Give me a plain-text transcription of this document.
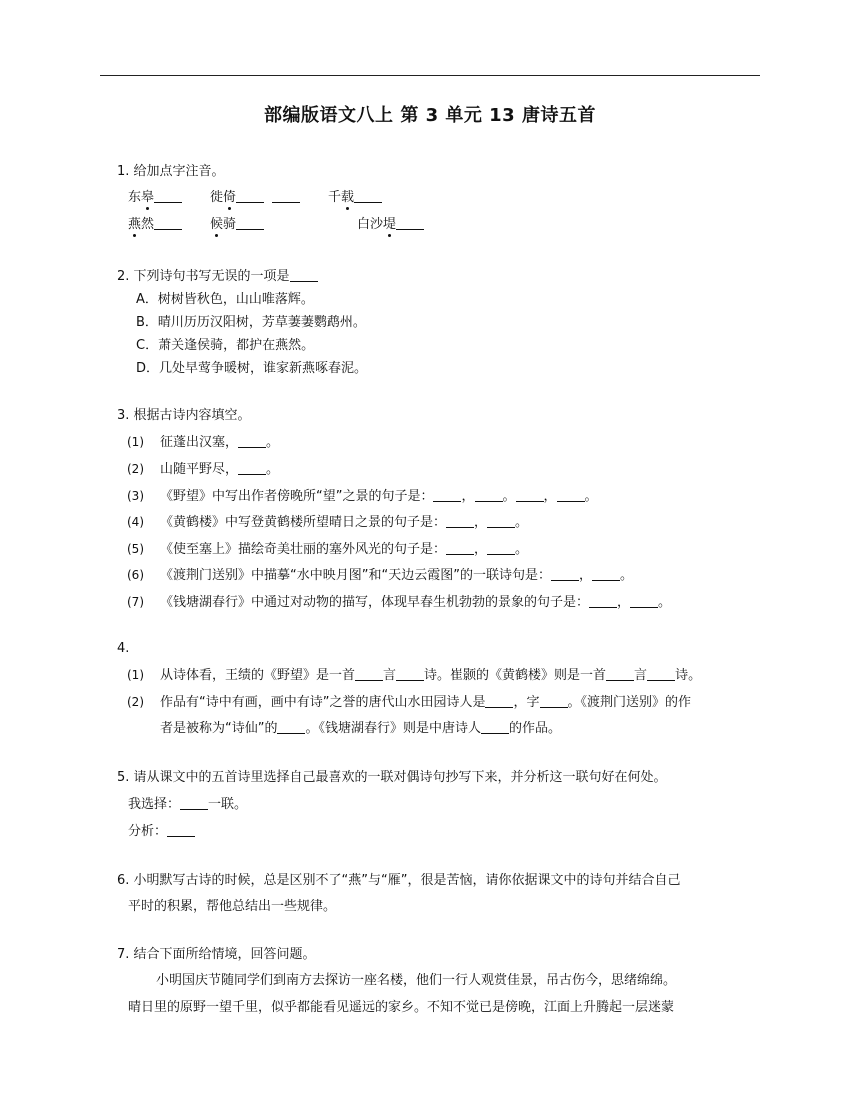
部编版语文八上 第 3 单元 13 唐诗五首
1. 给加点字注音。
东皋	徙倚	千载
燕然	候骑	白沙堤
2. 下列诗句书写无误的一项是
A．树树皆秋色，山山唯落辉。
B．晴川历历汉阳树，芳草萋萋鹦鹉州。
C．萧关逢侯骑，都护在燕然。
D．几处早莺争暖树，谁家新燕啄春泥。
3. 根据古诗内容填空。
(1) 征蓬出汉塞， 。
(2) 山随平野尽， 。
(3) 《野望》中写出作者傍晚所“望”之景的句子是： ， 。 ， 。
(4) 《黄鹤楼》中写登黄鹤楼所望晴日之景的句子是： ， 。
(5) 《使至塞上》描绘奇美壮丽的塞外风光的句子是： ， 。
(6) 《渡荆门送别》中描摹“水中映月图”和“天边云霞图”的一联诗句是： ， 。
(7) 《钱塘湖春行》中通过对动物的描写，体现早春生机勃勃的景象的句子是： ， 。
4.
(1) 从诗体看，王绩的《野望》是一首 言 诗。崔颢的《黄鹤楼》则是一首 言 诗。
(2) 作品有“诗中有画，画中有诗”之誉的唐代山水田园诗人是 ，字 。《渡荆门送别》的作
者是被称为“诗仙”的 。《钱塘湖春行》则是中唐诗人 的作品。
5. 请从课文中的五首诗里选择自己最喜欢的一联对偶诗句抄写下来，并分析这一联句好在何处。
我选择： 一联。
分析：
6. 小明默写古诗的时候，总是区别不了“燕”与“雁”，很是苦恼，请你依据课文中的诗句并结合自己
平时的积累，帮他总结出一些规律。
7. 结合下面所给情境，回答问题。
小明国庆节随同学们到南方去探访一座名楼，他们一行人观赏佳景，吊古伤今，思绪绵绵。
晴日里的原野一望千里，似乎都能看见遥远的家乡。不知不觉已是傍晚，江面上升腾起一层迷蒙
